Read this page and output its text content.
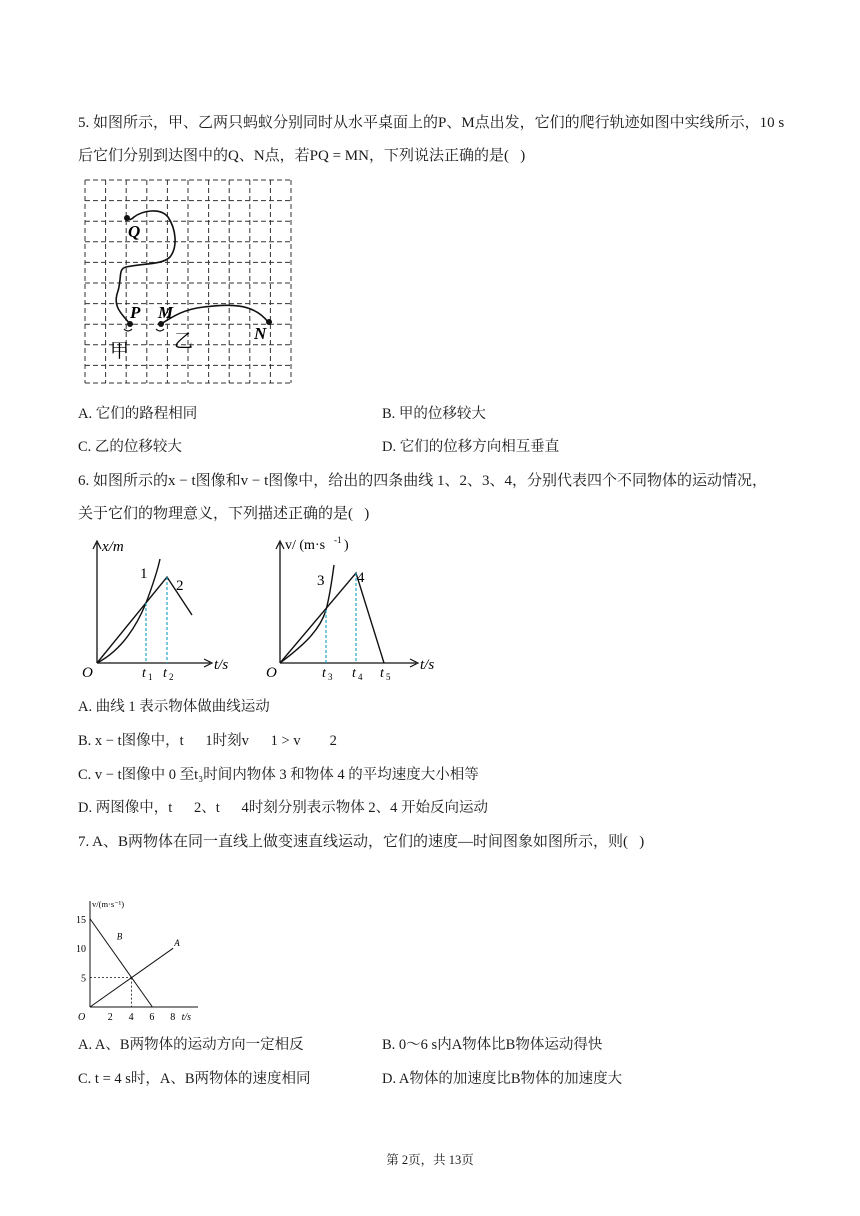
5. 如图所示，甲、乙两只蚂蚁分别同时从水平桌面上的P、M点出发，它们的爬行轨迹如图中实线所示，10 s
后它们分别到达图中的Q、N点，若PQ = MN，下列说法正确的是(   )
Q
P M
N
甲 乙
A. 它们的路程相同	B. 甲的位移较大
C. 乙的位移较大	D. 它们的位移方向相互垂直
6. 如图所示的x − t图像和v − t图像中，给出的四条曲线 1、2、3、4，分别代表四个不同物体的运动情况，
关于它们的物理意义，下列描述正确的是(   )
x/m
1
2
O	t 1 t 2
t/s
v/ (m·s -1 )
3 4
O	t 3 t 4 t 5
t/s
A. 曲线 1 表示物体做曲线运动
B. x − t图像中，t  1时刻v  1 > v  2
C. v − t图像中 0 至t₃时间内物体 3 和物体 4 的平均速度大小相等
D. 两图像中，t  2、t  4时刻分别表示物体 2、4 开始反向运动
7. A、B两物体在同一直线上做变速直线运动，它们的速度—时间图象如图所示，则(   )
A
B
2 4 6 8
5
10
15
O	t/s
v/(m·s⁻¹)
A. A、B两物体的运动方向一定相反	B. 0～6 s内A物体比B物体运动得快
C. t = 4 s时，A、B两物体的速度相同	D. A物体的加速度比B物体的加速度大
第 2页，共 13页
